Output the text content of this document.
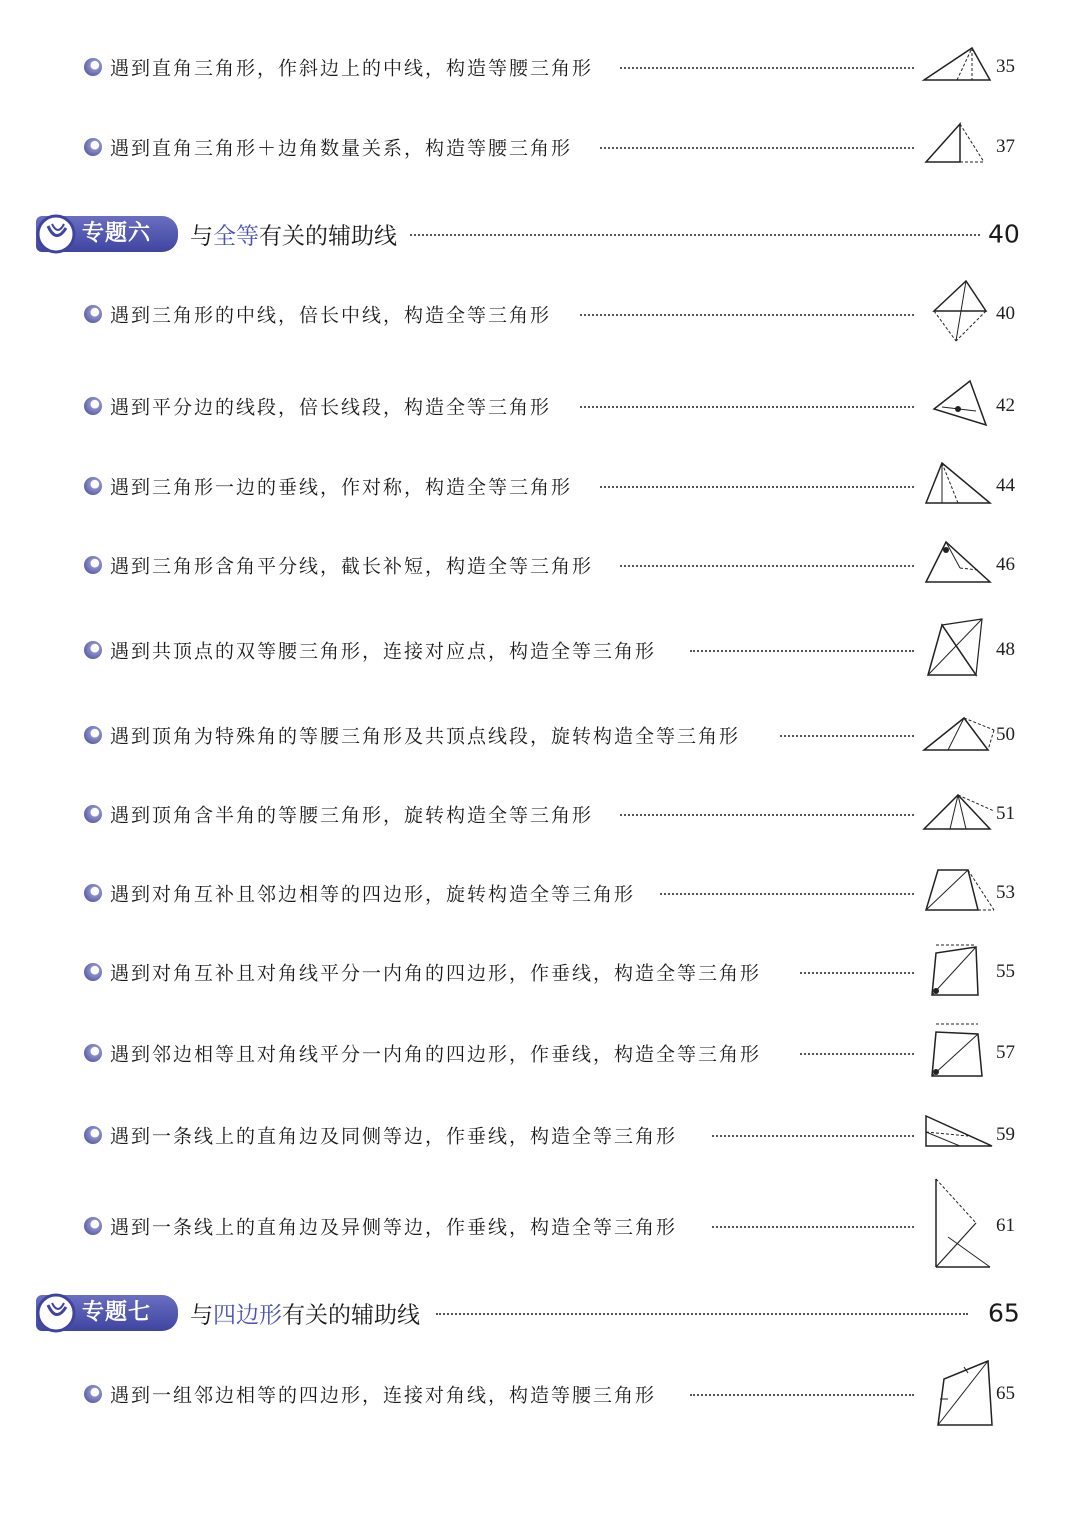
遇到直角三角形，作斜边上的中线，构造等腰三角形	35
遇到直角三角形＋边角数量关系，构造等腰三角形	37
专题六	与全等有关的辅助线	40
遇到三角形的中线，倍长中线，构造全等三角形	40
遇到平分边的线段，倍长线段，构造全等三角形	42
遇到三角形一边的垂线，作对称，构造全等三角形	44
遇到三角形含角平分线，截长补短，构造全等三角形	46
遇到共顶点的双等腰三角形，连接对应点，构造全等三角形	48
遇到顶角为特殊角的等腰三角形及共顶点线段，旋转构造全等三角形	50
遇到顶角含半角的等腰三角形，旋转构造全等三角形	51
遇到对角互补且邻边相等的四边形，旋转构造全等三角形	53
遇到对角互补且对角线平分一内角的四边形，作垂线，构造全等三角形	55
遇到邻边相等且对角线平分一内角的四边形，作垂线，构造全等三角形	57
遇到一条线上的直角边及同侧等边，作垂线，构造全等三角形	59
遇到一条线上的直角边及异侧等边，作垂线，构造全等三角形	61
专题七	与四边形有关的辅助线	65
遇到一组邻边相等的四边形，连接对角线，构造等腰三角形	65
